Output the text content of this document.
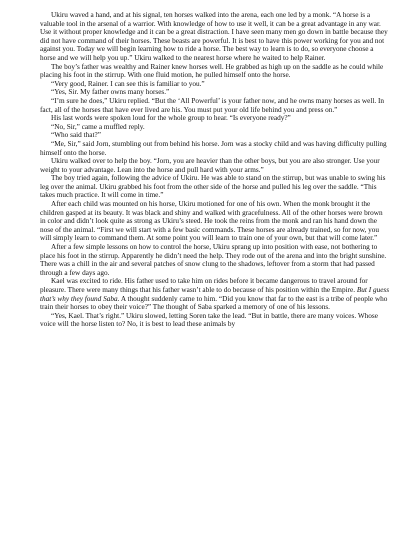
Ukiru waved a hand, and at his signal, ten horses walked into the arena, each one led by a monk. “A horse is a valuable tool in the arsenal of a warrior. With knowledge of how to use it well, it can be a great advantage in any war. Use it without proper knowledge and it can be a great distraction. I have seen many men go down in battle because they did not have command of their horses. These beasts are powerful. It is best to have this power working for you and not against you. Today we will begin learning how to ride a horse. The best way to learn is to do, so everyone choose a horse and we will help you up.” Ukiru walked to the nearest horse where he waited to help Rainer.

The boy’s father was wealthy and Rainer knew horses well. He grabbed as high up on the saddle as he could while placing his foot in the stirrup. With one fluid motion, he pulled himself onto the horse.

“Very good, Rainer. I can see this is familiar to you.”

“Yes, Sir. My father owns many horses.”

“I’m sure he does,” Ukiru replied. “But the ‘All Powerful’ is your father now, and he owns many horses as well. In fact, all of the horses that have ever lived are his. You must put your old life behind you and press on.”

His last words were spoken loud for the whole group to hear. “Is everyone ready?”

“No, Sir,” came a muffled reply.

“Who said that?”

“Me, Sir,” said Jorn, stumbling out from behind his horse. Jorn was a stocky child and was having difficulty pulling himself onto the horse.

Ukiru walked over to help the boy. “Jorn, you are heavier than the other boys, but you are also stronger. Use your weight to your advantage. Lean into the horse and pull hard with your arms.”

The boy tried again, following the advice of Ukiru. He was able to stand on the stirrup, but was unable to swing his leg over the animal. Ukiru grabbed his foot from the other side of the horse and pulled his leg over the saddle. “This takes much practice. It will come in time.”

After each child was mounted on his horse, Ukiru motioned for one of his own. When the monk brought it the children gasped at its beauty. It was black and shiny and walked with gracefulness. All of the other horses were brown in color and didn’t look quite as strong as Ukiru’s steed. He took the reins from the monk and ran his hand down the nose of the animal. “First we will start with a few basic commands. These horses are already trained, so for now, you will simply learn to command them. At some point you will learn to train one of your own, but that will come later.”

After a few simple lessons on how to control the horse, Ukiru sprang up into position with ease, not bothering to place his foot in the stirrup. Apparently he didn’t need the help. They rode out of the arena and into the bright sunshine. There was a chill in the air and several patches of snow clung to the shadows, leftover from a storm that had passed through a few days ago.

Kael was excited to ride. His father used to take him on rides before it became dangerous to travel around for pleasure. There were many things that his father wasn’t able to do because of his position within the Empire. But I guess that’s why they found Saba. A thought suddenly came to him. “Did you know that far to the east is a tribe of people who train their horses to obey their voice?” The thought of Saba sparked a memory of one of his lessons.

“Yes, Kael. That’s right.” Ukiru slowed, letting Soren take the lead. “But in battle, there are many voices. Whose voice will the horse listen to? No, it is best to lead these animals by
